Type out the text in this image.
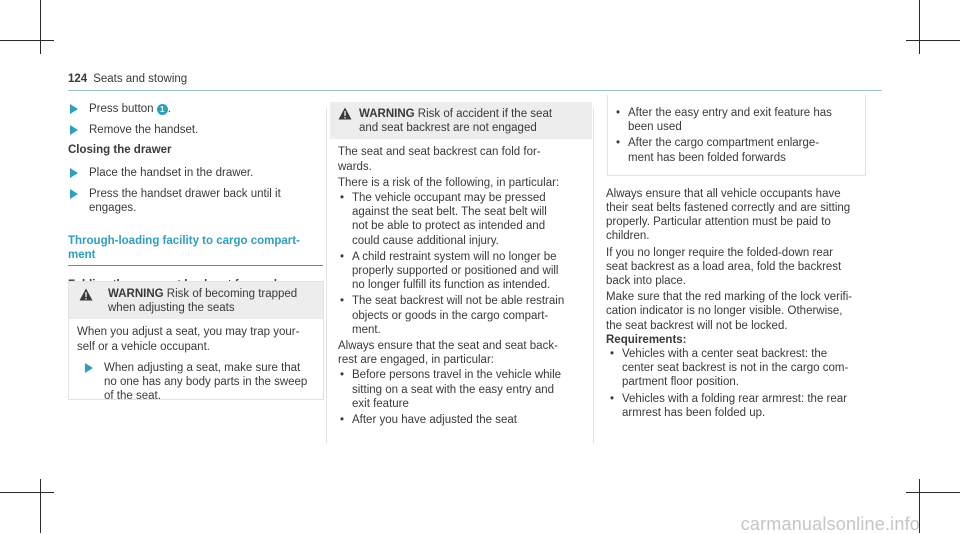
124 Seats and stowing
Press button 1 .
Remove the handset.
Closing the drawer
Place the handset in the drawer.
Press the handset drawer back until it
engages.
Through-loading facility to cargo compart-
ment
WARNING Risk of becoming trapped
when adjusting the seats
When you adjust a seat, you may trap your-
self or a vehicle occupant.
When adjusting a seat, make sure that
no one has any body parts in the sweep
of the seat.
WARNING Risk of accident if the seat
and seat backrest are not engaged
The seat and seat backrest can fold for-
wards.
There is a risk of the following, in particular:
• The vehicle occupant may be pressed
against the seat belt. The seat belt will
not be able to protect as intended and
could cause additional injury.
• A child restraint system will no longer be
properly supported or positioned and will
no longer fulfill its function as intended.
• The seat backrest will not be able restrain
objects or goods in the cargo compart-
ment.
Always ensure that the seat and seat back-
rest are engaged, in particular:
• Before persons travel in the vehicle while
sitting on a seat with the easy entry and
exit feature
• After you have adjusted the seat
• After the easy entry and exit feature has
been used
• After the cargo compartment enlarge-
ment has been folded forwards
Always ensure that all vehicle occupants have
their seat belts fastened correctly and are sitting
properly. Particular attention must be paid to
children.
If you no longer require the folded-down rear
seat backrest as a load area, fold the backrest
back into place.
Make sure that the red marking of the lock verifi-
cation indicator is no longer visible. Otherwise,
the seat backrest will not be locked.
Requirements:
• Vehicles with a center seat backrest: the
center seat backrest is not in the cargo com-
partment floor position.
• Vehicles with a folding rear armrest: the rear
armrest has been folded up.
carmanualsonline.info
